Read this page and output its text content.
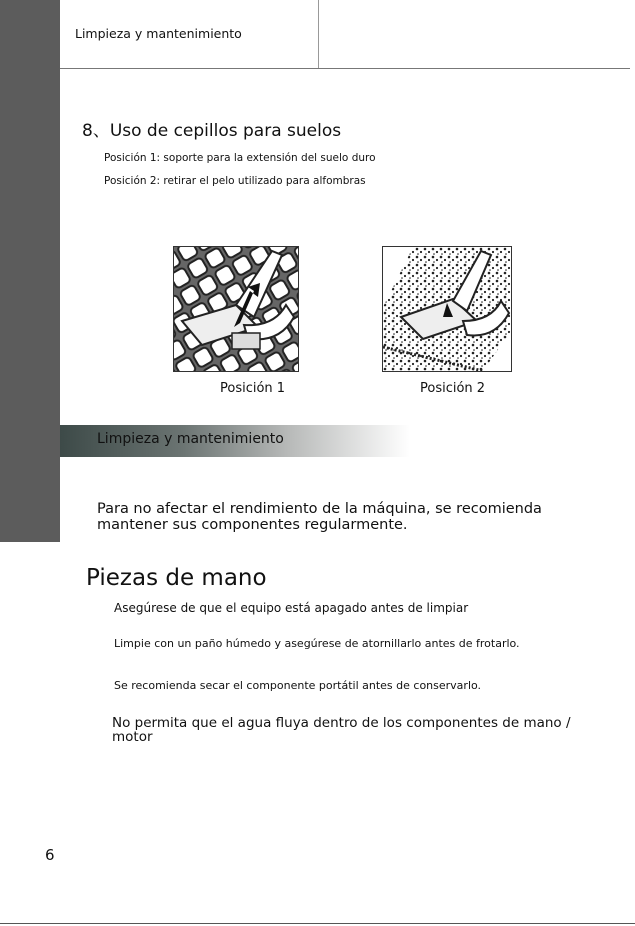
Limpieza y mantenimiento
8、Uso de cepillos para suelos
Posición 1: soporte para la extensión del suelo duro
Posición 2: retirar el pelo utilizado para alfombras
Posición 1	Posición 2
Limpieza y mantenimiento
Para no afectar el rendimiento de la máquina, se recomienda mantener sus componentes regularmente.
Piezas de mano
Asegúrese de que el equipo está apagado antes de limpiar
Limpie con un paño húmedo y asegúrese de atornillarlo antes de frotarlo.
Se recomienda secar el componente portátil antes de conservarlo.
No permita que el agua fluya dentro de los componentes de mano / motor
6
